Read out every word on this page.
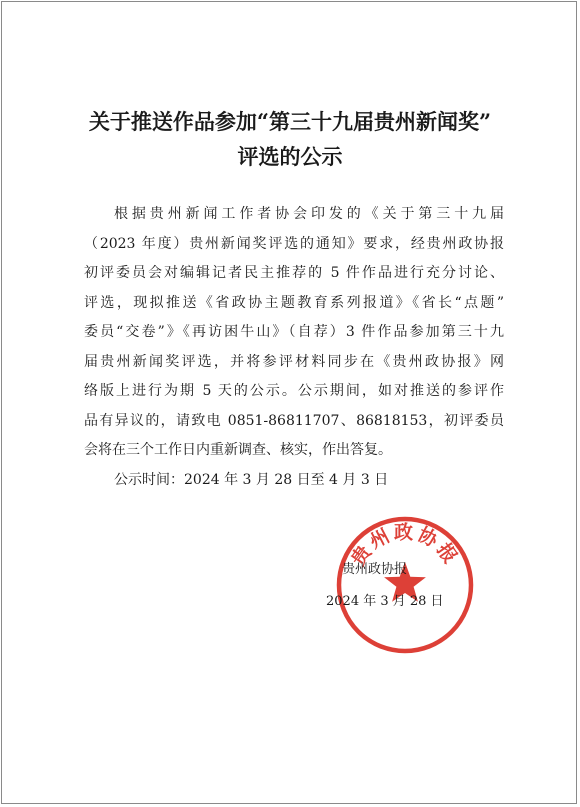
关于推送作品参加“第三十九届贵州新闻奖”
评选的公示
根据贵州新闻工作者协会印发的《关于第三十九届
（2023 年度）贵州新闻奖评选的通知》要求，经贵州政协报
初评委员会对编辑记者民主推荐的 5 件作品进行充分讨论、
评选，现拟推送《省政协主题教育系列报道》《省长“点题”
委员“交卷”》《再访困牛山》（自荐）3 件作品参加第三十九
届贵州新闻奖评选，并将参评材料同步在《贵州政协报》网
络版上进行为期 5 天的公示。公示期间，如对推送的参评作
品有异议的，请致电 0851-86811707、86818153，初评委员
会将在三个工作日内重新调查、核实，作出答复。
公示时间：2024 年 3 月 28 日至 4 月 3 日
贵州政协报
贵州政协报
2024 年 3 月 28 日
